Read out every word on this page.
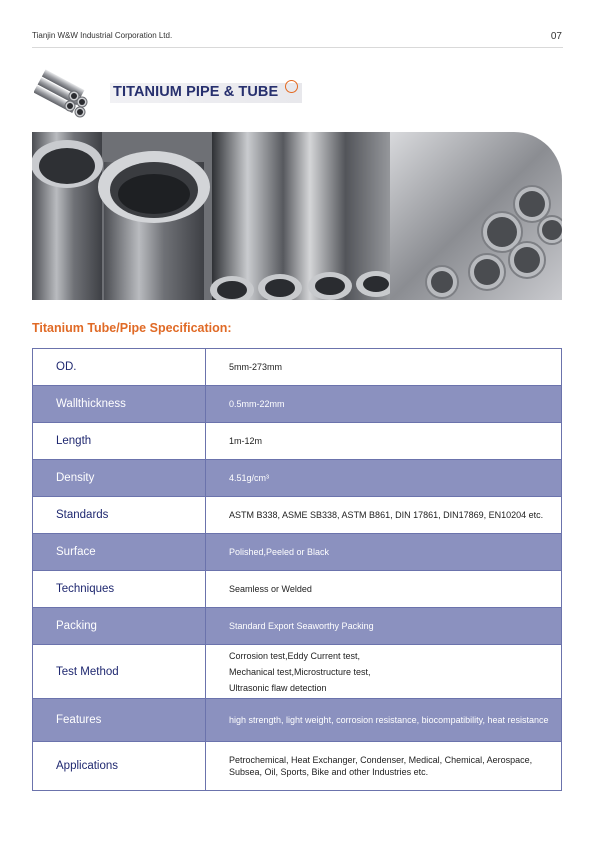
Tianjin W&W Industrial Corporation Ltd.	07
TITANIUM PIPE & TUBE
Titanium Tube/Pipe Specification:
OD.	5mm-273mm
Wallthickness	0.5mm-22mm
Length	1m-12m
Density	4.51g/cm³
Standards	ASTM B338, ASME SB338, ASTM B861, DIN 17861, DIN17869, EN10204 etc.
Surface	Polished,Peeled or Black
Techniques	Seamless or Welded
Packing	Standard Export Seaworthy Packing
Test Method	Corrosion test,Eddy Current test,
Mechanical test,Microstructure test,
Ultrasonic flaw detection

Features	high strength, light weight, corrosion resistance, biocompatibility, heat resistance
Applications	Petrochemical, Heat Exchanger, Condenser, Medical, Chemical, Aerospace, Subsea, Oil, Sports, Bike and other Industries etc.
